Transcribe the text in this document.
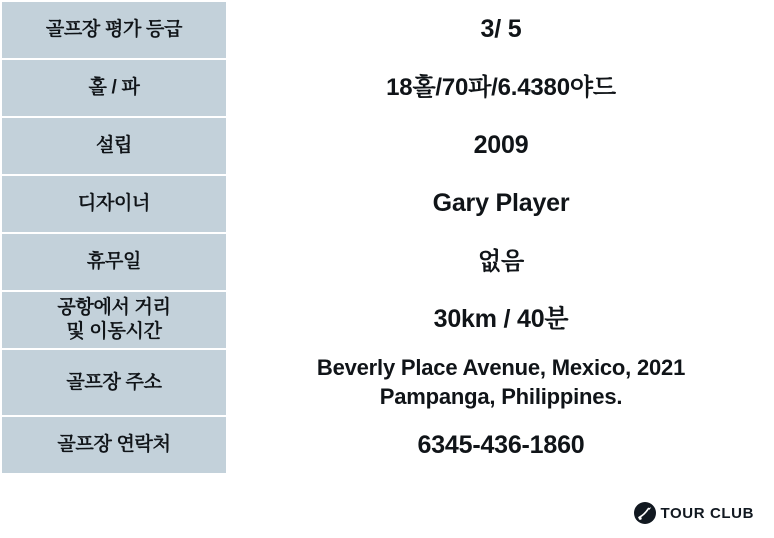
골프장 평가 등급	3/ 5
홀 / 파	18홀/70파/6.4380야드
설립	2009
디자이너	Gary Player
휴무일	없음

공항에서 거리
및 이동시간	30km / 40분
골프장 주소	Beverly Place Avenue, Mexico, 2021
Pampanga, Philippines.

골프장 연락처	6345-436-1860
TOUR CLUB
